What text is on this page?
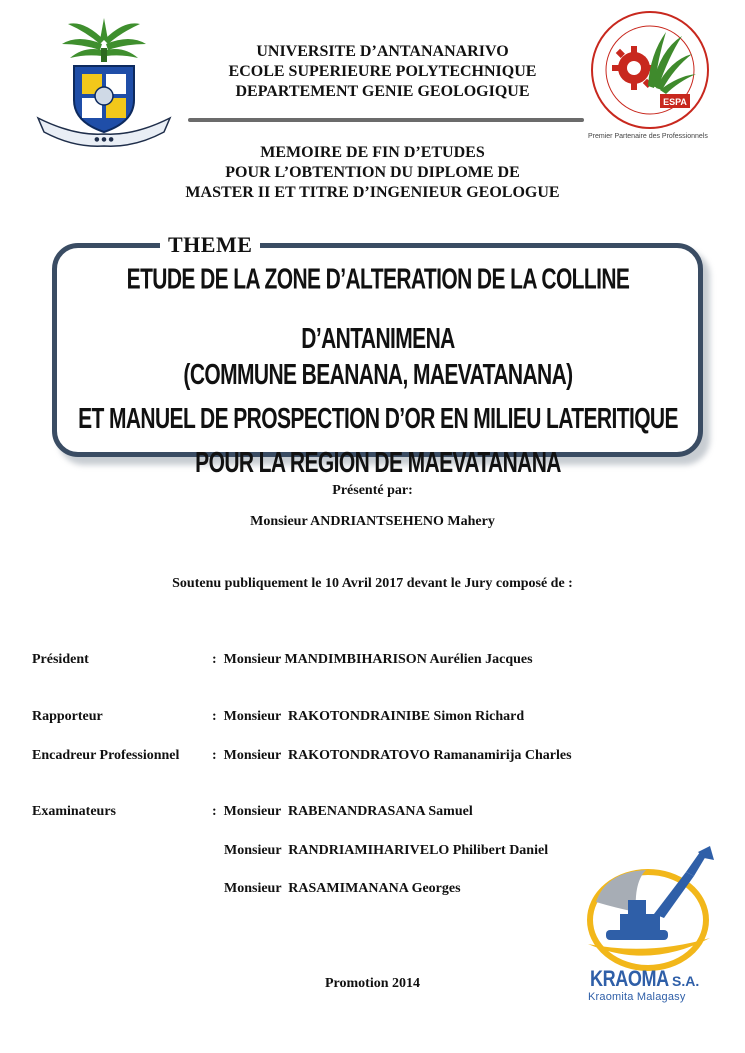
● ● ●
UNIVERSITE D’ANTANANARIVO
ECOLE SUPERIEURE POLYTECHNIQUE
DEPARTEMENT GENIE GEOLOGIQUE
ESPA
Premier Partenaire des Professionnels
MEMOIRE DE FIN D’ETUDES
POUR L’OBTENTION DU DIPLOME DE
MASTER II ET TITRE D’INGENIEUR GEOLOGUE
THEME
ETUDE DE LA ZONE D’ALTERATION DE LA COLLINE D’ANTANIMENA
(COMMUNE BEANANA, MAEVATANANA)
ET MANUEL DE PROSPECTION D’OR EN MILIEU LATERITIQUE
POUR LA REGION DE MAEVATANANA
Présenté par:
Monsieur ANDRIANTSEHENO Mahery
Soutenu publiquement le 10 Avril 2017 devant le Jury composé de :
Président	:  Monsieur MANDIMBIHARISON Aurélien Jacques
Rapporteur	:  Monsieur  RAKOTONDRAINIBE Simon Richard
Encadreur Professionnel :  Monsieur  RAKOTONDRATOVO Ramanamirija Charles
Examinateurs	:  Monsieur  RABENANDRASANA Samuel
Monsieur  RANDRIAMIHARIVELO Philibert Daniel
Monsieur  RASAMIMANANA Georges
Promotion 2014	KRAOMA S.A.
Kraomita Malagasy
